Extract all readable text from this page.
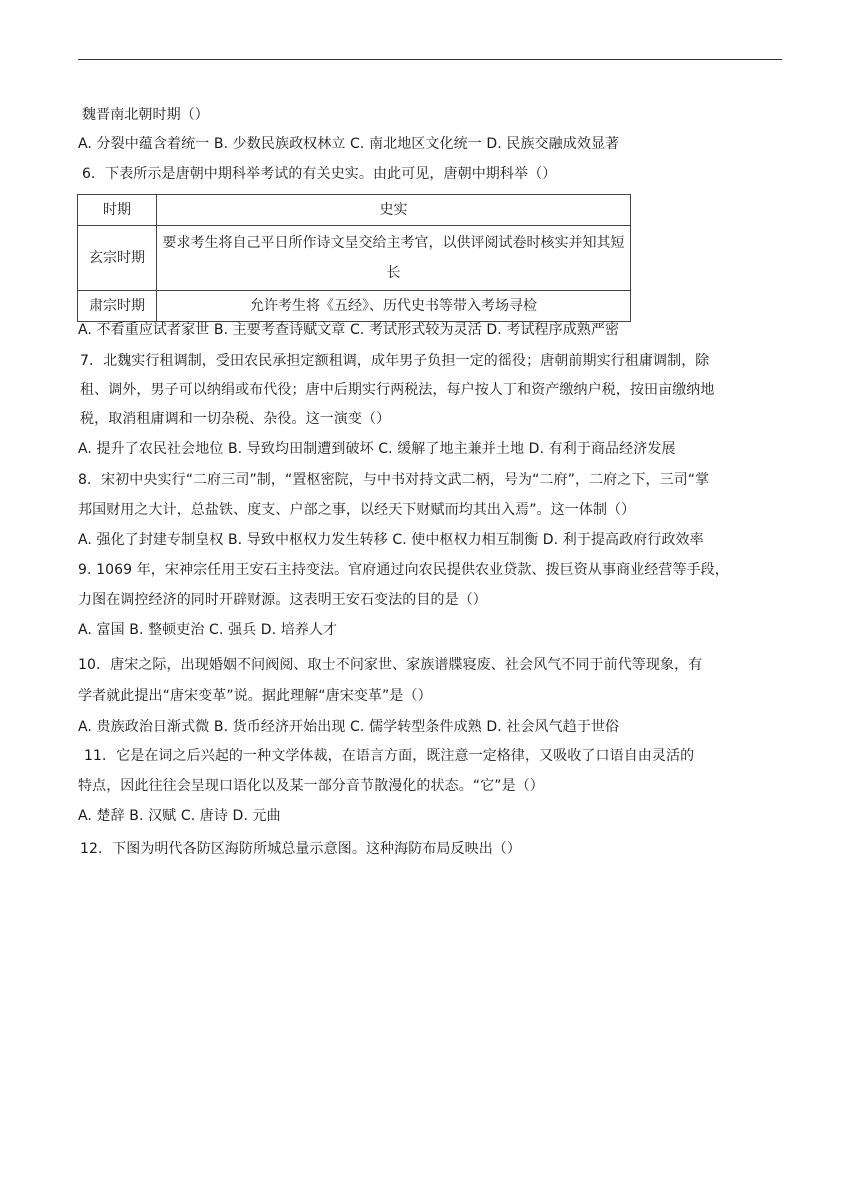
魏晋南北朝时期（）
A. 分裂中蕴含着统一 B. 少数民族政权林立 C. 南北地区文化统一 D. 民族交融成效显著
6．下表所示是唐朝中期科举考试的有关史实。由此可见，唐朝中期科举（）
时期	史实
玄宗时期	要求考生将自己平日所作诗文呈交给主考官，以供评阅试卷时核实并知其短长

肃宗时期	允许考生将《五经》、历代史书等带入考场寻检
A. 不看重应试者家世 B. 主要考查诗赋文章 C. 考试形式较为灵活 D. 考试程序成熟严密
7．北魏实行租调制，受田农民承担定额租调，成年男子负担一定的徭役；唐朝前期实行租庸调制，除
租、调外，男子可以纳绢或布代役；唐中后期实行两税法，每户按人丁和资产缴纳户税，按田亩缴纳地
税，取消租庸调和一切杂税、杂役。这一演变（）
A. 提升了农民社会地位 B. 导致均田制遭到破坏 C. 缓解了地主兼并土地 D. 有利于商品经济发展
8．宋初中央实行“二府三司”制，“置枢密院，与中书对持文武二柄，号为“二府”，二府之下，三司“掌
邦国财用之大计，总盐铁、度支、户部之事，以经天下财赋而均其出入焉”。这一体制（）
A. 强化了封建专制皇权 B. 导致中枢权力发生转移 C. 使中枢权力相互制衡 D. 利于提高政府行政效率
9. 1069 年，宋神宗任用王安石主持变法。官府通过向农民提供农业贷款、拨巨资从事商业经营等手段，
力图在调控经济的同时开辟财源。这表明王安石变法的目的是（）
A. 富国 B. 整顿吏治 C. 强兵 D. 培养人才
10．唐宋之际，出现婚姻不问阀阅、取士不问家世、家族谱牒寝废、社会风气不同于前代等现象，有
学者就此提出“唐宋变革”说。据此理解“唐宋变革”是（）
A. 贵族政治日渐式微 B. 货币经济开始出现 C. 儒学转型条件成熟 D. 社会风气趋于世俗
11．它是在词之后兴起的一种文学体裁，在语言方面，既注意一定格律，又吸收了口语自由灵活的
特点，因此往往会呈现口语化以及某一部分音节散漫化的状态。“它”是（）
A. 楚辞 B. 汉赋 C. 唐诗 D. 元曲
12．下图为明代各防区海防所城总量示意图。这种海防布局反映出（）
